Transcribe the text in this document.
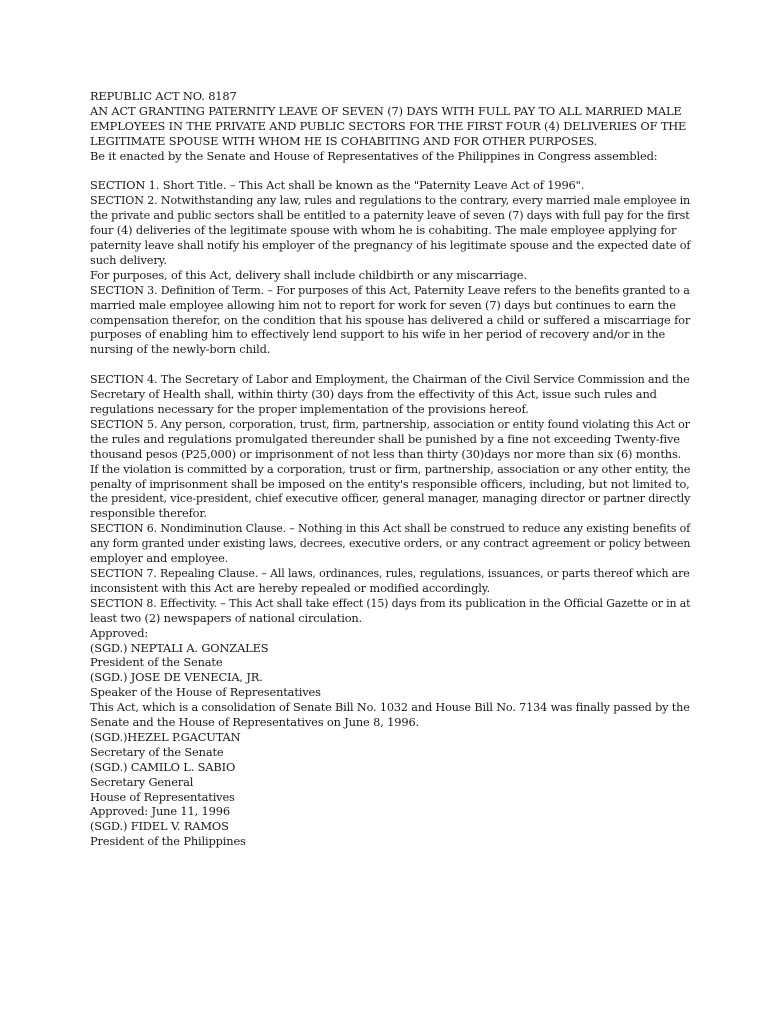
REPUBLIC ACT NO. 8187
AN ACT GRANTING PATERNITY LEAVE OF SEVEN (7) DAYS WITH FULL PAY TO ALL MARRIED MALE
EMPLOYEES IN THE PRIVATE AND PUBLIC SECTORS FOR THE FIRST FOUR (4) DELIVERIES OF THE
LEGITIMATE SPOUSE WITH WHOM HE IS COHABITING AND FOR OTHER PURPOSES.
Be it enacted by the Senate and House of Representatives of the Philippines in Congress assembled:
SECTION 1. Short Title. – This Act shall be known as the "Paternity Leave Act of 1996".
SECTION 2. Notwithstanding any law, rules and regulations to the contrary, every married male employee in
the private and public sectors shall be entitled to a paternity leave of seven (7) days with full pay for the first
four (4) deliveries of the legitimate spouse with whom he is cohabiting. The male employee applying for
paternity leave shall notify his employer of the pregnancy of his legitimate spouse and the expected date of
such delivery.
For purposes, of this Act, delivery shall include childbirth or any miscarriage.
SECTION 3. Definition of Term. – For purposes of this Act, Paternity Leave refers to the benefits granted to a
married male employee allowing him not to report for work for seven (7) days but continues to earn the
compensation therefor, on the condition that his spouse has delivered a child or suffered a miscarriage for
purposes of enabling him to effectively lend support to his wife in her period of recovery and/or in the
nursing of the newly-born child.
SECTION 4. The Secretary of Labor and Employment, the Chairman of the Civil Service Commission and the
Secretary of Health shall, within thirty (30) days from the effectivity of this Act, issue such rules and
regulations necessary for the proper implementation of the provisions hereof.
SECTION 5. Any person, corporation, trust, firm, partnership, association or entity found violating this Act or
the rules and regulations promulgated thereunder shall be punished by a fine not exceeding Twenty-five
thousand pesos (P25,000) or imprisonment of not less than thirty (30)days nor more than six (6) months.
If the violation is committed by a corporation, trust or firm, partnership, association or any other entity, the
penalty of imprisonment shall be imposed on the entity's responsible officers, including, but not limited to,
the president, vice-president, chief executive officer, general manager, managing director or partner directly
responsible therefor.
SECTION 6. Nondiminution Clause. – Nothing in this Act shall be construed to reduce any existing benefits of
any form granted under existing laws, decrees, executive orders, or any contract agreement or policy between
employer and employee.
SECTION 7. Repealing Clause. – All laws, ordinances, rules, regulations, issuances, or parts thereof which are
inconsistent with this Act are hereby repealed or modified accordingly.
SECTION 8. Effectivity. – This Act shall take effect (15) days from its publication in the Official Gazette or in at
least two (2) newspapers of national circulation.
Approved:
(SGD.) NEPTALI A. GONZALES
President of the Senate
(SGD.) JOSE DE VENECIA, JR.
Speaker of the House of Representatives
This Act, which is a consolidation of Senate Bill No. 1032 and House Bill No. 7134 was finally passed by the
Senate and the House of Representatives on June 8, 1996.
(SGD.)HEZEL P.GACUTAN
Secretary of the Senate
(SGD.) CAMILO L. SABIO
Secretary General
House of Representatives
Approved: June 11, 1996
(SGD.) FIDEL V. RAMOS
President of the Philippines
